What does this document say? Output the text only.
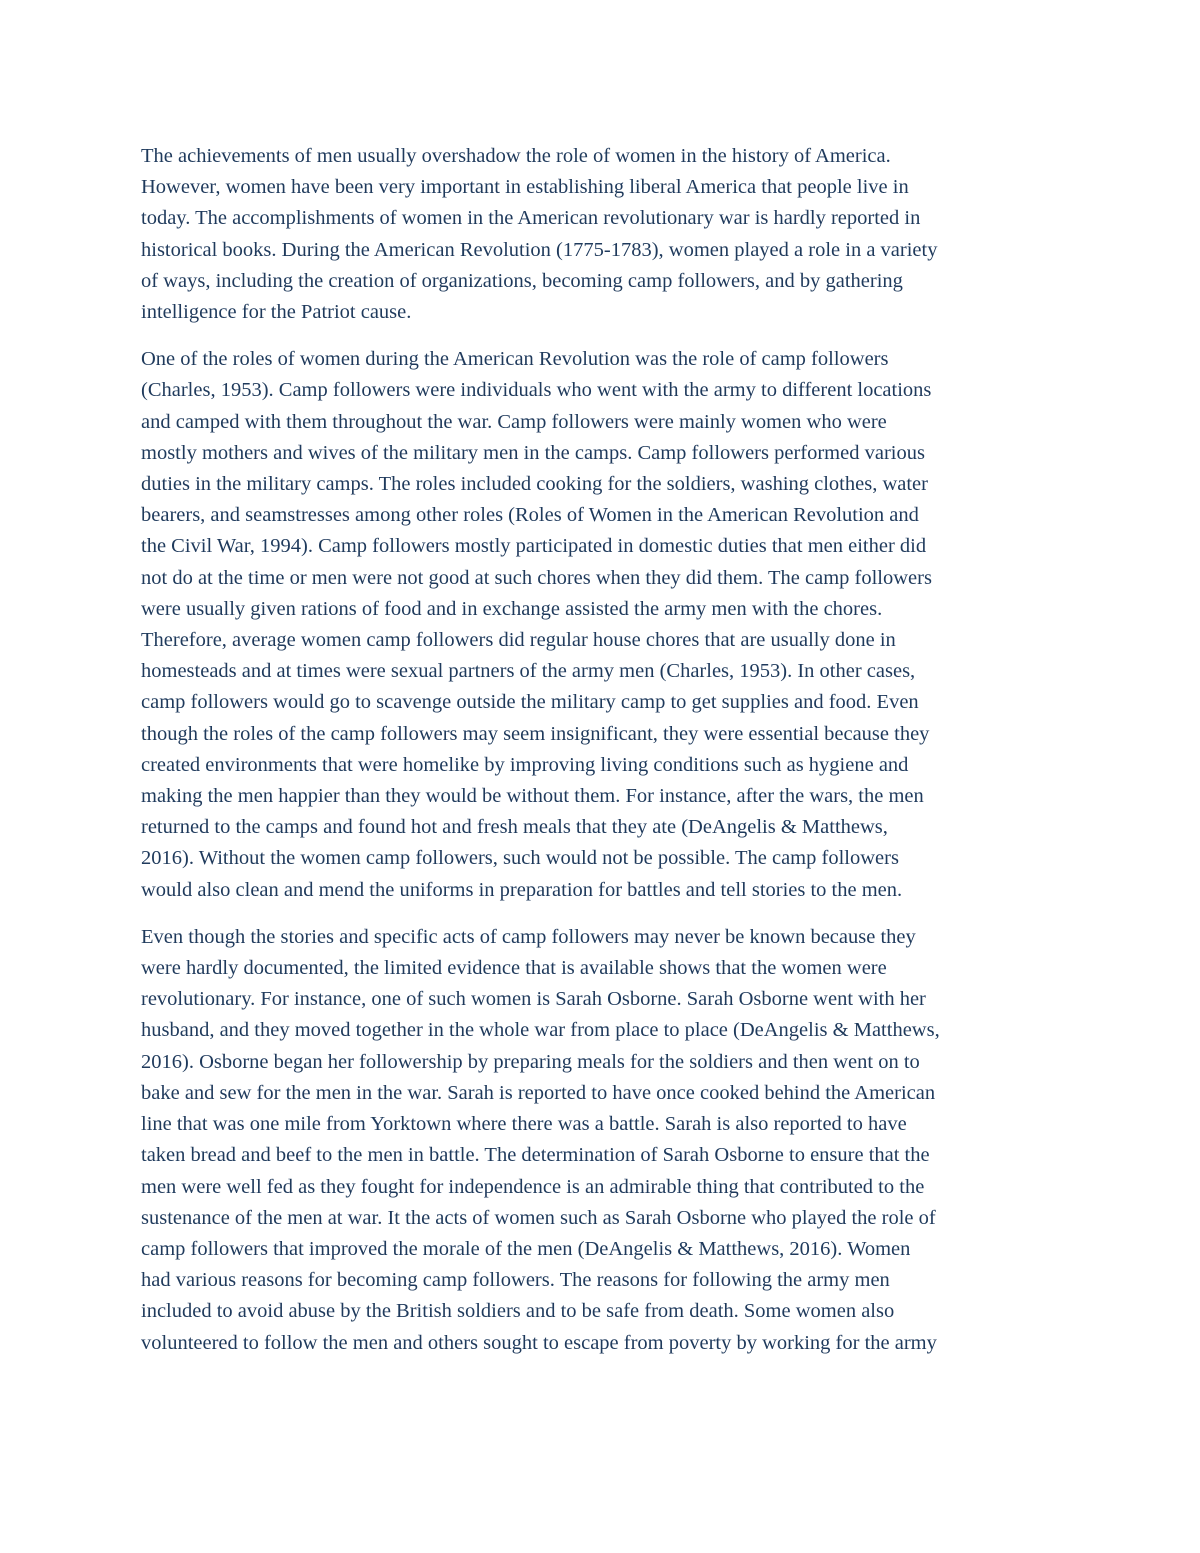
The achievements of men usually overshadow the role of women in the history of America.
However, women have been very important in establishing liberal America that people live in
today. The accomplishments of women in the American revolutionary war is hardly reported in
historical books. During the American Revolution (1775-1783), women played a role in a variety
of ways, including the creation of organizations, becoming camp followers, and by gathering
intelligence for the Patriot cause.

One of the roles of women during the American Revolution was the role of camp followers
(Charles, 1953). Camp followers were individuals who went with the army to different locations
and camped with them throughout the war. Camp followers were mainly women who were
mostly mothers and wives of the military men in the camps. Camp followers performed various
duties in the military camps. The roles included cooking for the soldiers, washing clothes, water
bearers, and seamstresses among other roles (Roles of Women in the American Revolution and
the Civil War, 1994). Camp followers mostly participated in domestic duties that men either did
not do at the time or men were not good at such chores when they did them. The camp followers
were usually given rations of food and in exchange assisted the army men with the chores.
Therefore, average women camp followers did regular house chores that are usually done in
homesteads and at times were sexual partners of the army men (Charles, 1953). In other cases,
camp followers would go to scavenge outside the military camp to get supplies and food. Even
though the roles of the camp followers may seem insignificant, they were essential because they
created environments that were homelike by improving living conditions such as hygiene and
making the men happier than they would be without them. For instance, after the wars, the men
returned to the camps and found hot and fresh meals that they ate (DeAngelis & Matthews,
2016). Without the women camp followers, such would not be possible. The camp followers
would also clean and mend the uniforms in preparation for battles and tell stories to the men.

Even though the stories and specific acts of camp followers may never be known because they
were hardly documented, the limited evidence that is available shows that the women were
revolutionary. For instance, one of such women is Sarah Osborne. Sarah Osborne went with her
husband, and they moved together in the whole war from place to place (DeAngelis & Matthews,
2016). Osborne began her followership by preparing meals for the soldiers and then went on to
bake and sew for the men in the war. Sarah is reported to have once cooked behind the American
line that was one mile from Yorktown where there was a battle. Sarah is also reported to have
taken bread and beef to the men in battle. The determination of Sarah Osborne to ensure that the
men were well fed as they fought for independence is an admirable thing that contributed to the
sustenance of the men at war. It the acts of women such as Sarah Osborne who played the role of
camp followers that improved the morale of the men (DeAngelis & Matthews, 2016). Women
had various reasons for becoming camp followers. The reasons for following the army men
included to avoid abuse by the British soldiers and to be safe from death. Some women also
volunteered to follow the men and others sought to escape from poverty by working for the army
